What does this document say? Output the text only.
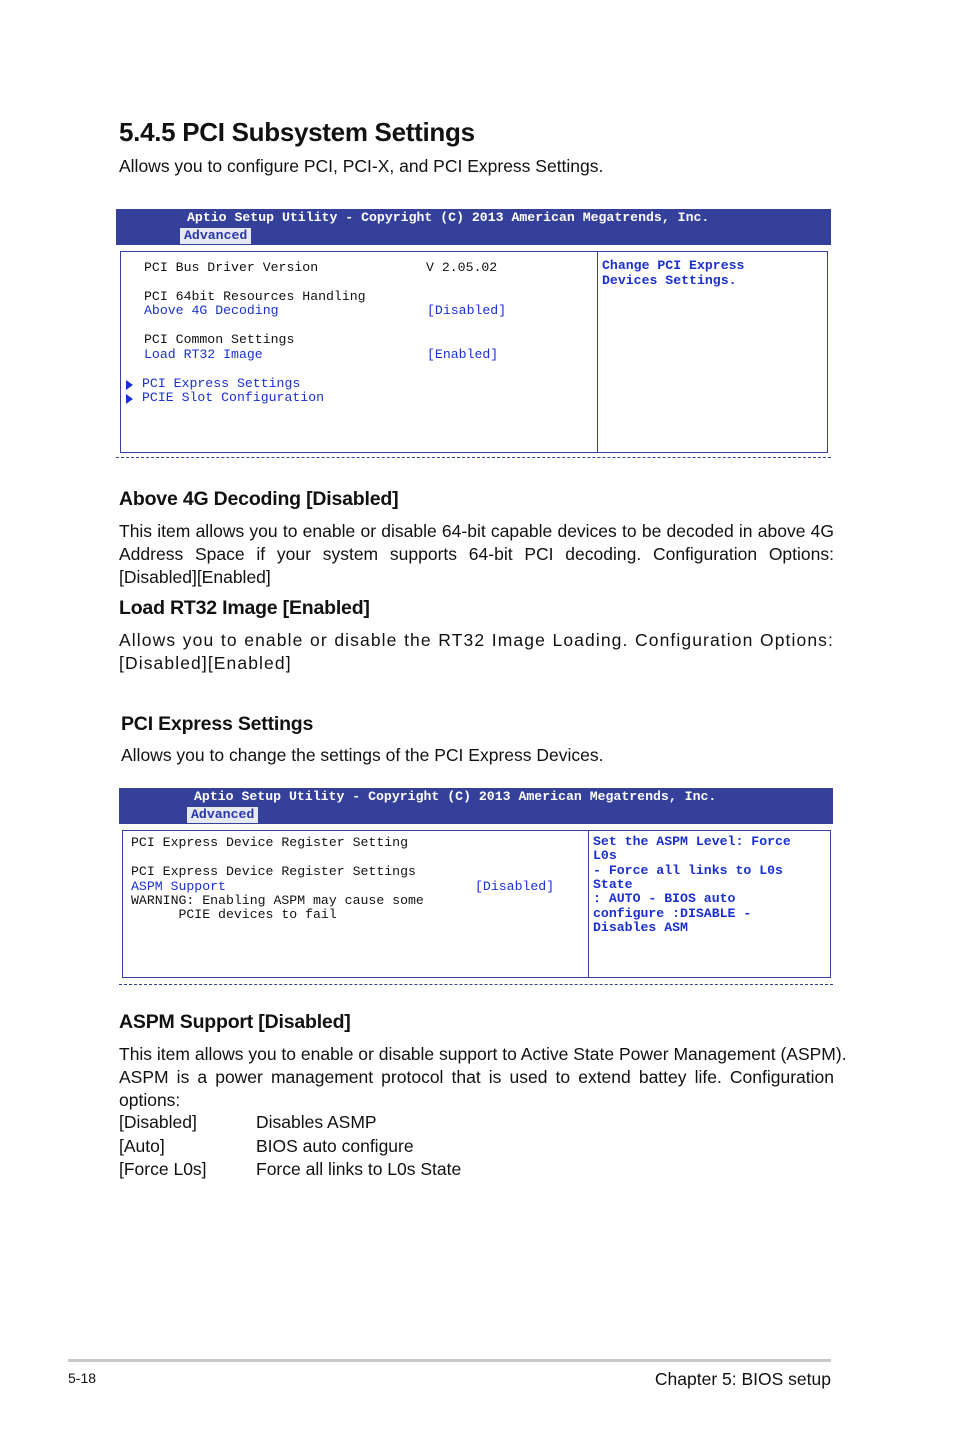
5.4.5 PCI Subsystem Settings

Allows you to configure PCI, PCI-X, and PCI Express Settings.

Aptio Setup Utility - Copyright (C) 2013 American Megatrends, Inc.
Advanced
PCI Bus Driver Version	V 2.05.02
PCI 64bit Resources Handling
Above 4G Decoding	[Disabled]
PCI Common Settings
Load RT32 Image	[Enabled]
PCI Express Settings
PCIE Slot Configuration
Change PCI Express
Devices Settings.
Above 4G Decoding [Disabled]

This item allows you to enable or disable 64-bit capable devices to be decoded in above 4G Address Space if your system supports 64-bit PCI decoding. Configuration Options: [Disabled][Enabled]

Load RT32 Image [Enabled]

Allows you to enable or disable the RT32 Image Loading. Configuration Options: [Disabled][Enabled]

PCI Express Settings

Allows you to change the settings of the PCI Express Devices.

Aptio Setup Utility - Copyright (C) 2013 American Megatrends, Inc.
Advanced
PCI Express Device Register Setting
PCI Express Device Register Settings
ASPM Support	[Disabled]
WARNING: Enabling ASPM may cause some
PCIE devices to fail
Set the ASPM Level: Force
L0s
- Force all links to L0s
State
: AUTO - BIOS auto
configure :DISABLE -
Disables ASM
ASPM Support [Disabled]

This item allows you to enable or disable support to Active State Power Management (ASPM).

ASPM is a power management protocol that is used to extend battey life. Configuration

options:

[Disabled]	Disables ASMP
[Auto]	BIOS auto configure
[Force L0s]	Force all links to L0s State
5-18	Chapter 5: BIOS setup
